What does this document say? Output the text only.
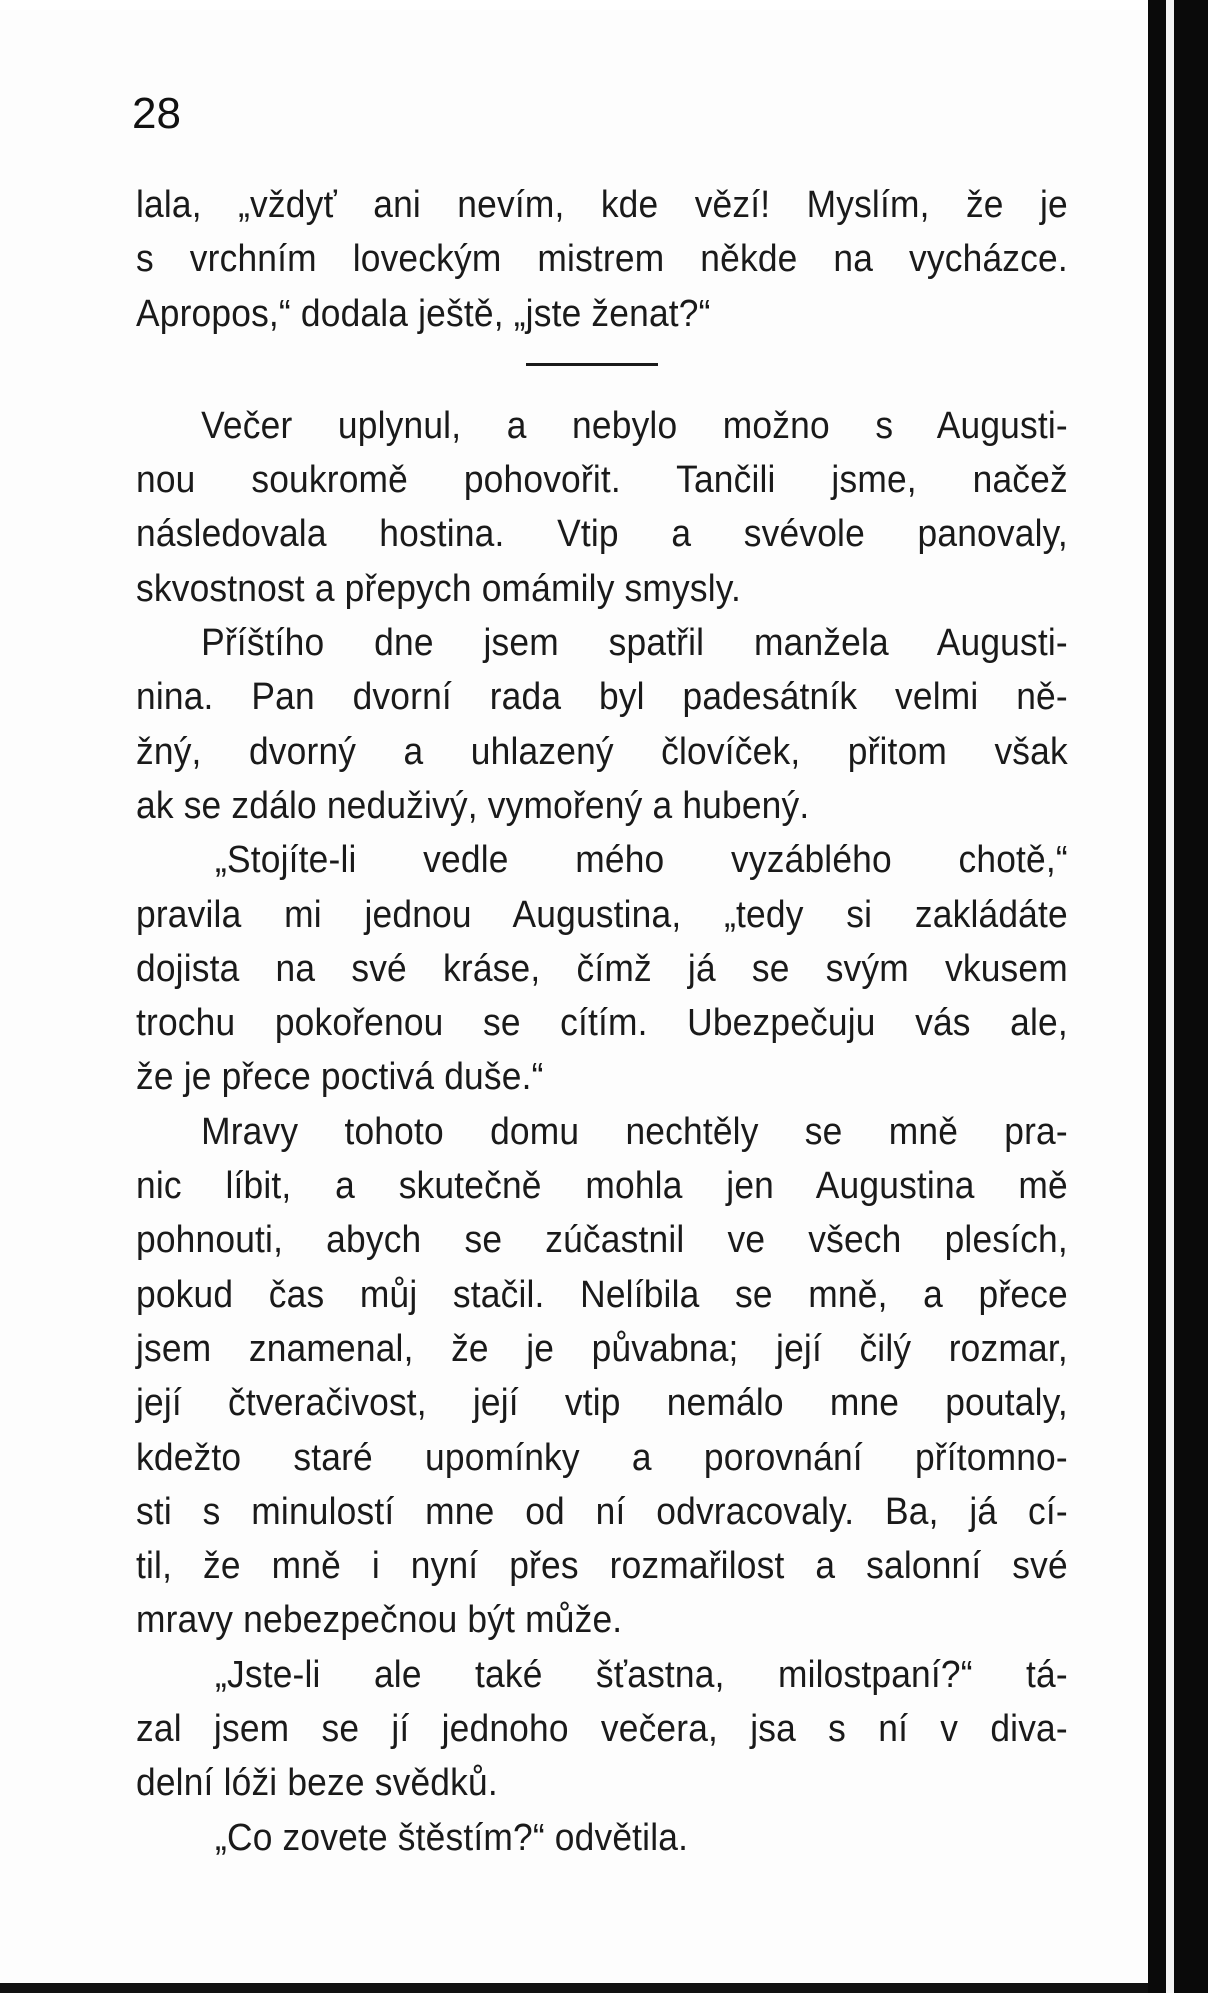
28
lala, „vždyť ani nevím, kde vězí! Myslím, že je
s vrchním loveckým mistrem někde na vycházce.
Apropos,“ dodala ještě, „jste ženat?“
Večer uplynul, a nebylo možno s Augusti-
nou soukromě pohovořit. Tančili jsme, načež
následovala hostina. Vtip a svévole panovaly,
skvostnost a přepych omámily smysly.
Příštího dne jsem spatřil manžela Augusti-
nina. Pan dvorní rada byl padesátník velmi ně-
žný, dvorný a uhlazený človíček, přitom však
ak se zdálo neduživý, vymořený a hubený.
„Stojíte-li vedle mého vyzáblého chotě,“
pravila mi jednou Augustina, „tedy si zakládáte
dojista na své kráse, čímž já se svým vkusem
trochu pokořenou se cítím. Ubezpečuju vás ale,
že je přece poctivá duše.“
Mravy tohoto domu nechtěly se mně pra-
nic líbit, a skutečně mohla jen Augustina mě
pohnouti, abych se zúčastnil ve všech plesích,
pokud čas můj stačil. Nelíbila se mně, a přece
jsem znamenal, že je půvabna; její čilý rozmar,
její čtveračivost, její vtip nemálo mne poutaly,
kdežto staré upomínky a porovnání přítomno-
sti s minulostí mne od ní odvracovaly. Ba, já cí-
til, že mně i nyní přes rozmařilost a salonní své
mravy nebezpečnou být může.
„Jste-li ale také šťastna, milostpaní?“ tá-
zal jsem se jí jednoho večera, jsa s ní v diva-
delní lóži beze svědků.
„Co zovete štěstím?“ odvětila.
